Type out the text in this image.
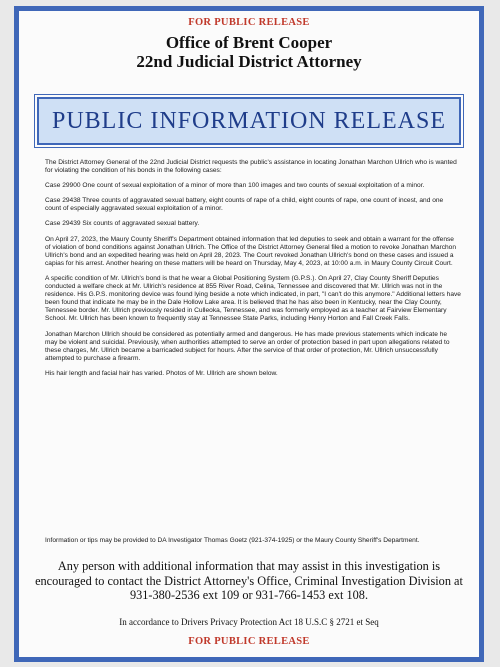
FOR PUBLIC RELEASE
Office of Brent Cooper
22nd Judicial District Attorney
PUBLIC INFORMATION RELEASE

The District Attorney General of the 22nd Judicial District requests the public's assistance in locating Jonathan Marchon Ullrich who is wanted for violating the condition of his bonds in the following cases:

Case 29900 One count of sexual exploitation of a minor of more than 100 images and two counts of sexual exploitation of a minor.

Case 29438 Three counts of aggravated sexual battery, eight counts of rape of a child, eight counts of rape, one count of incest, and one count of especially aggravated sexual exploitation of a minor.

Case 29439 Six counts of aggravated sexual battery.

On April 27, 2023, the Maury County Sheriff's Department obtained information that led deputies to seek and obtain a warrant for the offense of violation of bond conditions against Jonathan Ullrich. The Office of the District Attorney General filed a motion to revoke Jonathan Marchon Ullrich's bond and an expedited hearing was held on April 28, 2023. The Court revoked Jonathan Ullrich's bond on these cases and issued a capias for his arrest. Another hearing on these matters will be heard on Thursday, May 4, 2023, at 10:00 a.m. in Maury County Circuit Court.

A specific condition of Mr. Ullrich's bond is that he wear a Global Positioning System (G.P.S.). On April 27, Clay County Sheriff Deputies conducted a welfare check at Mr. Ullrich's residence at 855 River Road, Celina, Tennessee and discovered that Mr. Ullrich was not in the residence. His G.P.S. monitoring device was found lying beside a note which indicated, in part, "I can't do this anymore." Additional letters have been found that indicate he may be in the Dale Hollow Lake area. It is believed that he has also been in Kentucky, near the Clay County, Tennessee border. Mr. Ullrich previously resided in Culleoka, Tennessee, and was formerly employed as a teacher at Fairview Elementary School. Mr. Ullrich has been known to frequently stay at Tennessee State Parks, including Henry Horton and Fall Creek Falls.

Jonathan Marchon Ullrich should be considered as potentially armed and dangerous. He has made previous statements which indicate he may be violent and suicidal. Previously, when authorities attempted to serve an order of protection based in part upon allegations related to these charges, Mr. Ullrich became a barricaded subject for hours. After the service of that order of protection, Mr. Ullrich unsuccessfully attempted to purchase a firearm.

His hair length and facial hair has varied. Photos of Mr. Ullrich are shown below.

Information or tips may be provided to DA Investigator Thomas Goetz (921-374-1925) or the Maury County Sheriff's Department.
Any person with additional information that may assist in this investigation is encouraged to contact the District Attorney's Office, Criminal Investigation Division at 931-380-2536 ext 109 or 931-766-1453 ext 108.
In accordance to Drivers Privacy Protection Act 18 U.S.C § 2721 et Seq
FOR PUBLIC RELEASE
